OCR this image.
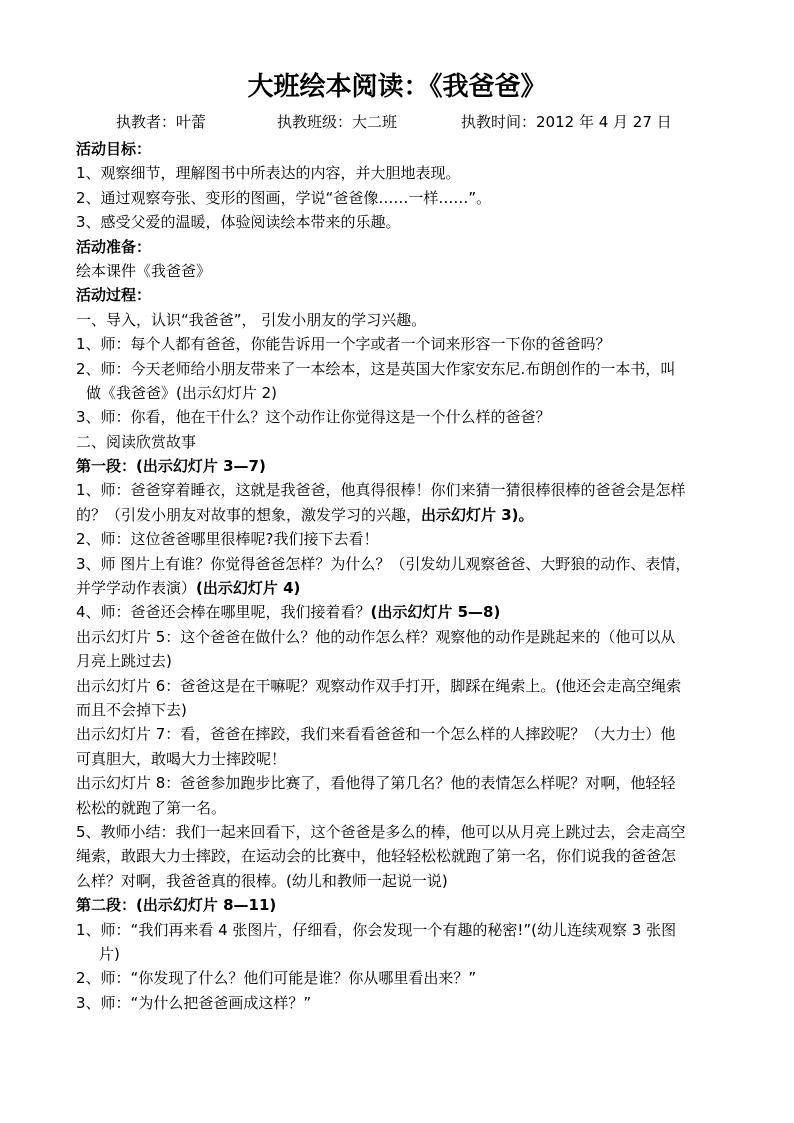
大班绘本阅读：《我爸爸》
执教者：叶蕾	执教班级：大二班	执教时间：2012 年 4 月 27 日
活动目标：
1、观察细节，理解图书中所表达的内容，并大胆地表现。
2、通过观察夸张、变形的图画，学说“爸爸像……一样……”。
3、感受父爱的温暖，体验阅读绘本带来的乐趣。
活动准备：
绘本课件《我爸爸》
活动过程：
一、导入，认识“我爸爸”， 引发小朋友的学习兴趣。
1、师：每个人都有爸爸，你能告诉用一个字或者一个词来形容一下你的爸爸吗？
2、师：今天老师给小朋友带来了一本绘本，这是英国大作家安东尼.布朗创作的一本书，叫
做《我爸爸》(出示幻灯片 2)
3、师：你看，他在干什么？这个动作让你觉得这是一个什么样的爸爸？
二、阅读欣赏故事
第一段：(出示幻灯片 3—7)
1、师：爸爸穿着睡衣，这就是我爸爸，他真得很棒！你们来猜一猜很棒很棒的爸爸会是怎样
的？（引发小朋友对故事的想象，激发学习的兴趣，出示幻灯片 3)。
2、师：这位爸爸哪里很棒呢?我们接下去看！
3、师 图片上有谁？你觉得爸爸怎样？为什么？（引发幼儿观察爸爸、大野狼的动作、表情，
并学学动作表演）(出示幻灯片 4)
4、师：爸爸还会棒在哪里呢，我们接着看？(出示幻灯片 5—8)
出示幻灯片 5：这个爸爸在做什么？他的动作怎么样？观察他的动作是跳起来的（他可以从
月亮上跳过去)
出示幻灯片 6：爸爸这是在干嘛呢？观察动作双手打开，脚踩在绳索上。(他还会走高空绳索
而且不会掉下去)
出示幻灯片 7：看，爸爸在摔跤，我们来看看爸爸和一个怎么样的人摔跤呢？（大力士）他
可真胆大，敢喝大力士摔跤呢！
出示幻灯片 8：爸爸参加跑步比赛了，看他得了第几名？他的表情怎么样呢？对啊，他轻轻
松松的就跑了第一名。
5、教师小结：我们一起来回看下，这个爸爸是多么的棒，他可以从月亮上跳过去，会走高空
绳索，敢跟大力士摔跤，在运动会的比赛中，他轻轻松松就跑了第一名，你们说我的爸爸怎
么样？对啊，我爸爸真的很棒。(幼儿和教师一起说一说)
第二段：(出示幻灯片 8—11)
1、师：“我们再来看 4 张图片，仔细看，你会发现一个有趣的秘密!”(幼儿连续观察 3 张图
片)
2、师：“你发现了什么？他们可能是谁？你从哪里看出来？”
3、师：“为什么把爸爸画成这样？”
